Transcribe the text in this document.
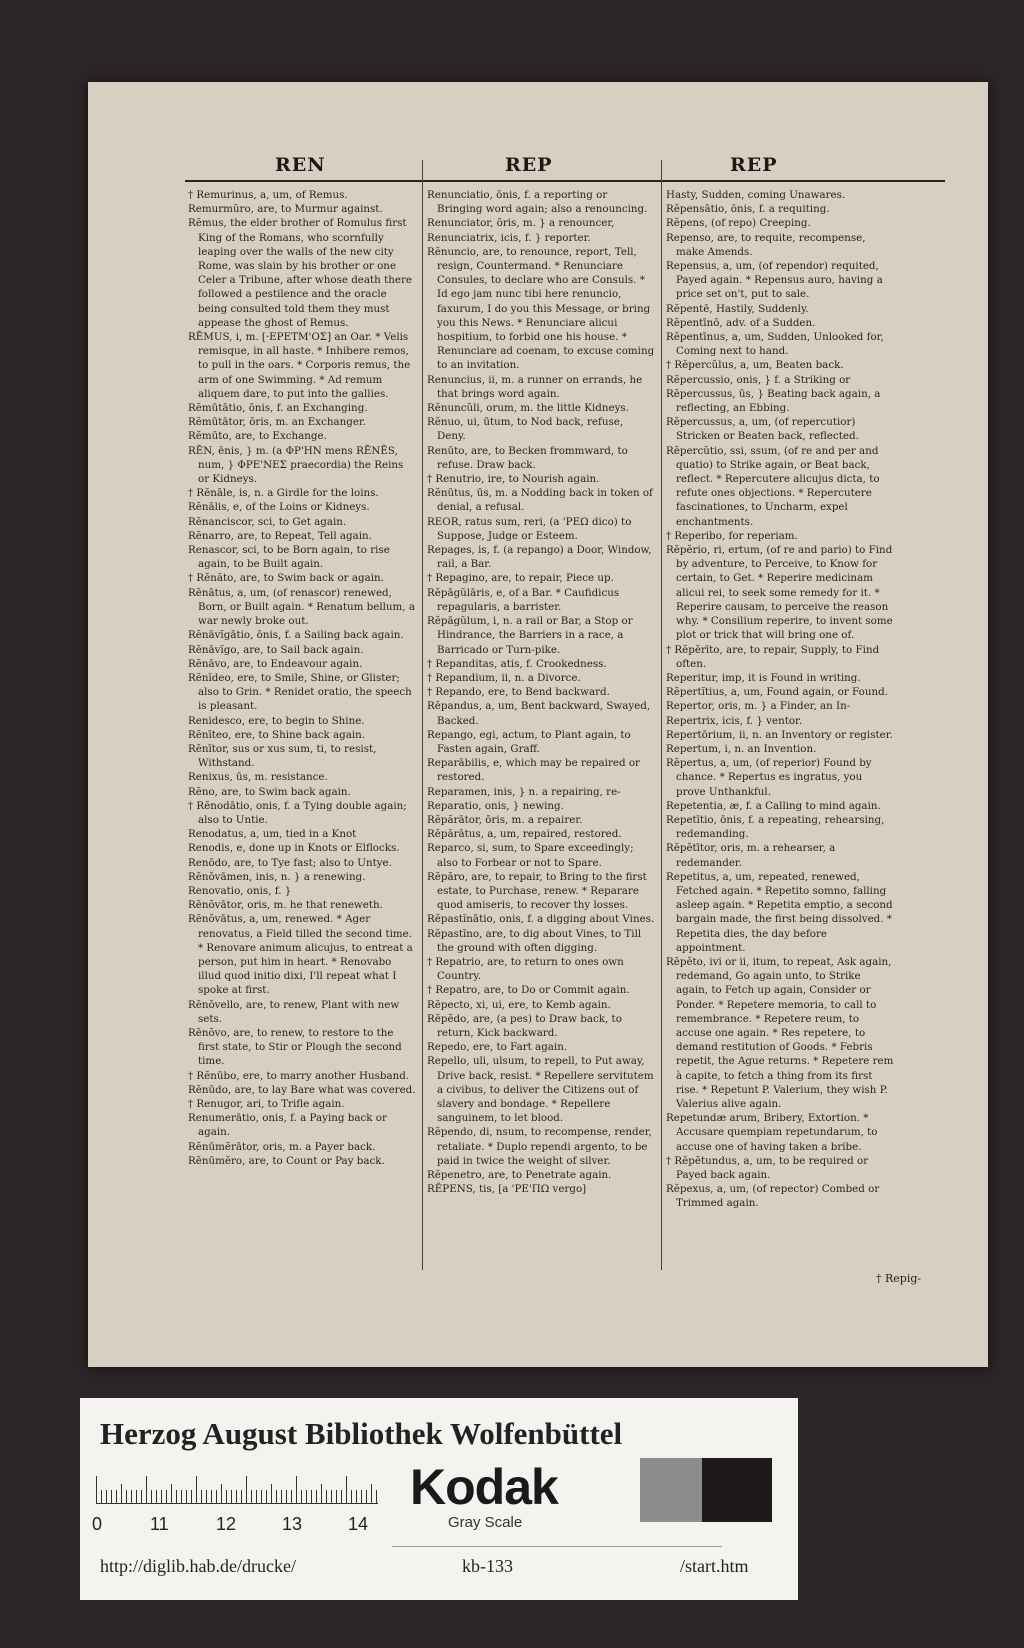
REN	REP	REP

† Remurinus, a, um, of Remus.

Remurmŭro, are, to Murmur against.

Rĕmus, the elder brother of Romulus first King of the Romans, who scornfully leaping over the walls of the new city Rome, was slain by his brother or one Celer a Tribune, after whose death there followed a pestilence and the oracle being consulted told them they must appease the ghost of Remus.

RĒMUS, i, m. [·EPETM'OΣ] an Oar. * Velis remisque, in all haste. * Inhibere remos, to pull in the oars. * Corporis remus, the arm of one Swimming. * Ad remum aliquem dare, to put into the gallies.

Rĕmūtātio, ōnis, f. an Exchanging.

Rĕmūtātor, ōris, m. an Exchanger.

Rĕmūto, are, to Exchange.

RĒN, ēnis, } m. (a ΦΡ'HN mens RĒNĒS, num, } ΦΡΕ'ΝΕΣ praecordia) the Reins or Kidneys.

† Rĕnāle, is, n. a Girdle for the loins.

Rĕnālis, e, of the Loins or Kidneys.

Rĕnanciscor, sci, to Get again.

Rĕnarro, are, to Repeat, Tell again.

Renascor, sci, to be Born again, to rise again, to be Built again.

† Rĕnăto, are, to Swim back or again.

Rĕnātus, a, um, (of renascor) renewed, Born, or Built again. * Renatum bellum, a war newly broke out.

Rĕnāvĭgātio, ōnis, f. a Sailing back again.

Rĕnāvĭgo, are, to Sail back again.

Rĕnāvo, are, to Endeavour again.

Rĕnĭdeo, ere, to Smile, Shine, or Glister; also to Grin. * Renidet oratio, the speech is pleasant.

Renidesco, ere, to begin to Shine.

Rĕnīteo, ere, to Shine back again.

Rĕnītor, sus or xus sum, ti, to resist, Withstand.

Renixus, ūs, m. resistance.

Rĕno, are, to Swim back again.

† Rĕnodātio, onis, f. a Tying double again; also to Untie.

Renodatus, a, um, tied in a Knot

Renodis, e, done up in Knots or Elflocks.

Renōdo, are, to Tye fast; also to Untye.

Rĕnŏvāmen, inis, n. } a renewing.

Renovatio, onis, f. }

Rĕnŏvātor, oris, m. he that reneweth.

Rĕnŏvātus, a, um, renewed. * Ager renovatus, a Field tilled the second time. * Renovare animum alicujus, to entreat a person, put him in heart. * Renovabo illud quod initio dixi, I'll repeat what I spoke at first.

Rĕnŏvello, are, to renew, Plant with new sets.

Rĕnŏvo, are, to renew, to restore to the first state, to Stir or Plough the second time.

† Rĕnūbo, ere, to marry another Husband.

Rĕnūdo, are, to lay Bare what was covered.

† Renugor, ari, to Trifle again.

Renumerātio, onis, f. a Paying back or again.

Rĕnūmĕrātor, oris, m. a Payer back.

Rĕnūmĕro, are, to Count or Pay back.

Renunciatio, ōnis, f. a reporting or Bringing word again; also a renouncing.

Renunciator, ōris, m. } a renouncer,

Renunciatrix, icis, f. } reporter.

Rĕnuncio, are, to renounce, report, Tell, resign, Countermand. * Renunciare Consules, to declare who are Consuls. * Id ego jam nunc tibi here renuncio, faxurum, I do you this Message, or bring you this News. * Renunciare alicui hospitium, to forbid one his house. * Renunciare ad coenam, to excuse coming to an invitation.

Renuncius, ii, m. a runner on errands, he that brings word again.

Rĕnuncŭli, orum, m. the little Kidneys.

Rĕnuo, ui, ūtum, to Nod back, refuse, Deny.

Renūto, are, to Becken frommward, to refuse. Draw back.

† Renutrio, ire, to Nourish again.

Rĕnūtus, ūs, m. a Nodding back in token of denial, a refusal.

REOR, ratus sum, reri, (a 'PEΩ dico) to Suppose, Judge or Esteem.

Repages, is, f. (a repango) a Door, Window, rail, a Bar.

† Repagino, are, to repair, Piece up.

Rĕpāgŭlāris, e, of a Bar. * Caufidicus repagularis, a barrister.

Rĕpāgŭlum, i, n. a rail or Bar, a Stop or Hindrance, the Barriers in a race, a Barricado or Turn-pike.

† Repanditas, atis, f. Crookedness.

† Repandium, ii, n. a Divorce.

† Repando, ere, to Bend backward.

Rĕpandus, a, um, Bent backward, Swayed, Backed.

Repango, egi, actum, to Plant again, to Fasten again, Graff.

Reparābilis, e, which may be repaired or restored.

Reparamen, inis, } n. a repairing, re-

Reparatio, onis, } newing.

Rĕpărātor, ōris, m. a repairer.

Rĕpărātus, a, um, repaired, restored.

Reparco, si, sum, to Spare exceedingly; also to Forbear or not to Spare.

Rĕpăro, are, to repair, to Bring to the first estate, to Purchase, renew. * Reparare quod amiseris, to recover thy losses.

Rĕpastĭnātio, onis, f. a digging about Vines.

Rĕpastĭno, are, to dig about Vines, to Till the ground with often digging.

† Repatrio, are, to return to ones own Country.

† Repatro, are, to Do or Commit again.

Rĕpecto, xi, ui, ere, to Kemb again.

Rĕpĕdo, are, (a pes) to Draw back, to return, Kick backward.

Repedo, ere, to Fart again.

Repello, uli, ulsum, to repell, to Put away, Drive back, resist. * Repellere servitutem a civibus, to deliver the Citizens out of slavery and bondage. * Repellere sanguinem, to let blood.

Rĕpendo, di, nsum, to recompense, render, retaliate. * Duplo rependi argento, to be paid in twice the weight of silver.

Rĕpenetro, are, to Penetrate again.

RĔPENS, tis, [a 'PE'ΠΩ vergo]

Hasty, Sudden, coming Unawares.

Rĕpensātio, ōnis, f. a requiting.

Rĕpens, (of repo) Creeping.

Repenso, are, to requite, recompense, make Amends.

Repensus, a, um, (of rependor) requited, Payed again. * Repensus auro, having a price set on't, put to sale.

Rĕpentē, Hastily, Suddenly.

Rĕpentīnō, adv. of a Sudden.

Rĕpentīnus, a, um, Sudden, Unlooked for, Coming next to hand.

† Rĕpercŭlus, a, um, Beaten back.

Rĕpercussio, onis, } f. a Striking or

Rĕpercussus, ūs, } Beating back again, a reflecting, an Ebbing.

Rĕpercussus, a, um, (of repercutior) Stricken or Beaten back, reflected.

Rĕpercŭtio, ssi, ssum, (of re and per and quatio) to Strike again, or Beat back, reflect. * Repercutere alicujus dicta, to refute ones objections. * Repercutere fascinationes, to Uncharm, expel enchantments.

† Reperibo, for reperiam.

Rĕpĕrio, ri, ertum, (of re and pario) to Find by adventure, to Perceive, to Know for certain, to Get. * Reperire medicinam alicui rei, to seek some remedy for it. * Reperire causam, to perceive the reason why. * Consilium reperire, to invent some plot or trick that will bring one of.

† Rĕpĕrīto, are, to repair, Supply, to Find often.

Reperitur, imp, it is Found in writing.

Rĕpertĭtius, a, um, Found again, or Found.

Repertor, oris, m. } a Finder, an In-

Repertrix, icis, f. } ventor.

Repertōrium, ii, n. an Inventory or register.

Repertum, i, n. an Invention.

Rĕpertus, a, um, (of reperior) Found by chance. * Repertus es ingratus, you prove Unthankful.

Repetentia, æ, f. a Calling to mind again.

Repetītio, ōnis, f. a repeating, rehearsing, redemanding.

Rĕpĕtītor, oris, m. a rehearser, a redemander.

Repetitus, a, um, repeated, renewed, Fetched again. * Repetito somno, falling asleep again. * Repetita emptio, a second bargain made, the first being dissolved. * Repetita dies, the day before appointment.

Rĕpĕto, ivi or ii, itum, to repeat, Ask again, redemand, Go again unto, to Strike again, to Fetch up again, Consider or Ponder. * Repetere memoria, to call to remembrance. * Repetere reum, to accuse one again. * Res repetere, to demand restitution of Goods. * Febris repetit, the Ague returns. * Repetere rem à capite, to fetch a thing from its first rise. * Repetunt P. Valerium, they wish P. Valerius alive again.

Repetundæ arum, Bribery, Extortion. * Accusare quempiam repetundarum, to accuse one of having taken a bribe.

† Rĕpĕtundus, a, um, to be required or Payed back again.

Rĕpexus, a, um, (of repector) Combed or Trimmed again.

† Repig-
Herzog August Bibliothek Wolfenbüttel
0	11	12	13	14
Kodak
Gray Scale
http://diglib.hab.de/drucke/	kb-133	/start.htm
